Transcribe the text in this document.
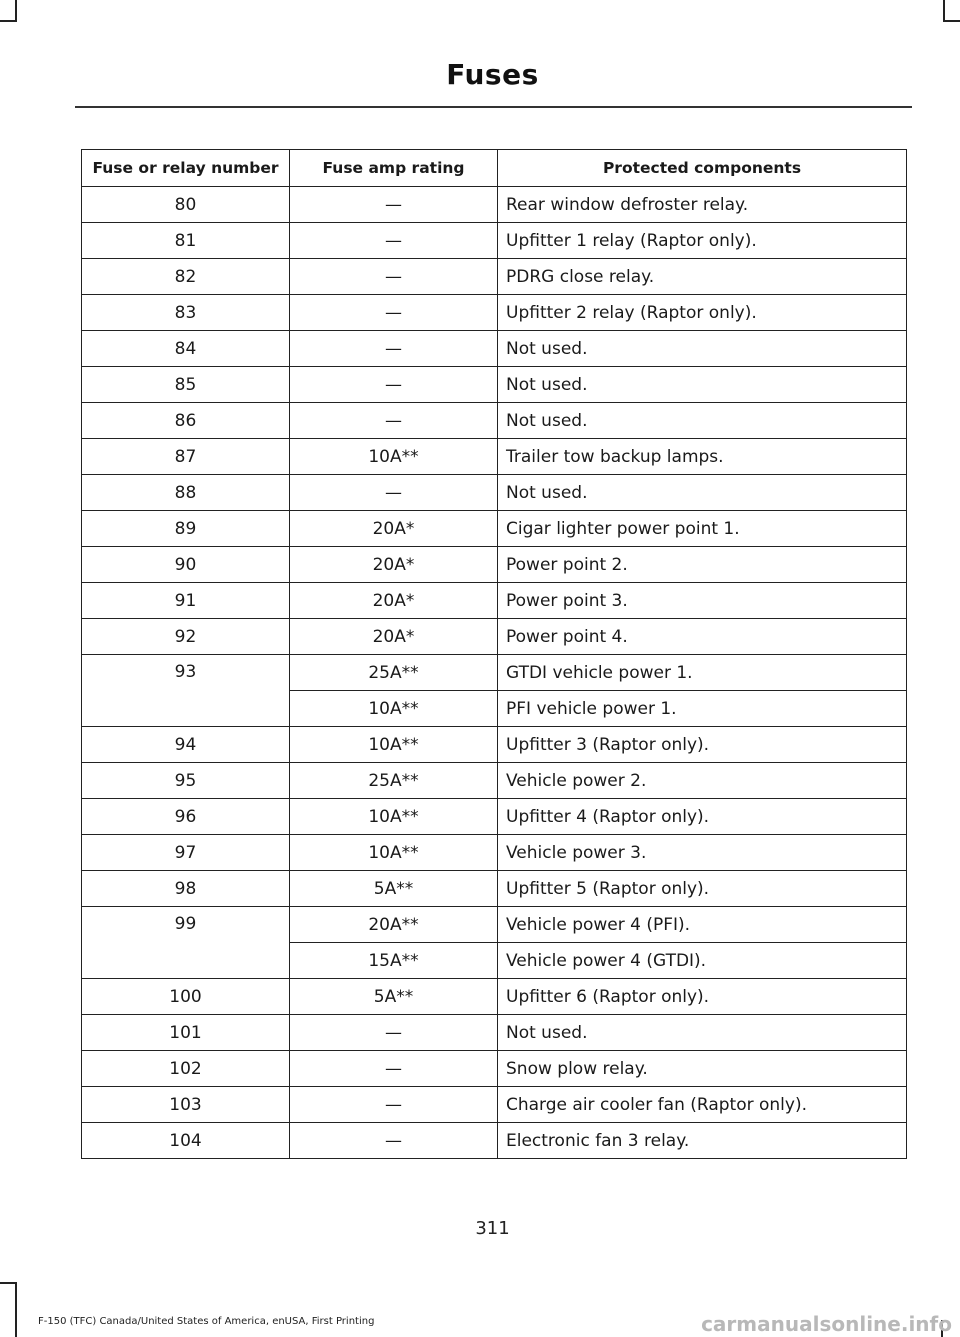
Fuses
Fuse or relay number	Fuse amp rating	Protected components
80	—	Rear window defroster relay.
81	—	Upfitter 1 relay (Raptor only).
82	—	PDRG close relay.
83	—	Upfitter 2 relay (Raptor only).
84	—	Not used.
85	—	Not used.
86	—	Not used.
87	10A**	Trailer tow backup lamps.
88	—	Not used.
89	20A*	Cigar lighter power point 1.
90	20A*	Power point 2.
91	20A*	Power point 3.
92	20A*	Power point 4.
93	25A**	GTDI vehicle power 1.
	10A**	PFI vehicle power 1.
94	10A**	Upfitter 3 (Raptor only).
95	25A**	Vehicle power 2.
96	10A**	Upfitter 4 (Raptor only).
97	10A**	Vehicle power 3.
98	5A**	Upfitter 5 (Raptor only).
99	20A**	Vehicle power 4 (PFI).
	15A**	Vehicle power 4 (GTDI).
100	5A**	Upfitter 6 (Raptor only).
101	—	Not used.
102	—	Snow plow relay.
103	—	Charge air cooler fan (Raptor only).
104	—	Electronic fan 3 relay.
311
F-150 (TFC) Canada/United States of America, enUSA, First Printing	carmanualsonline.info
